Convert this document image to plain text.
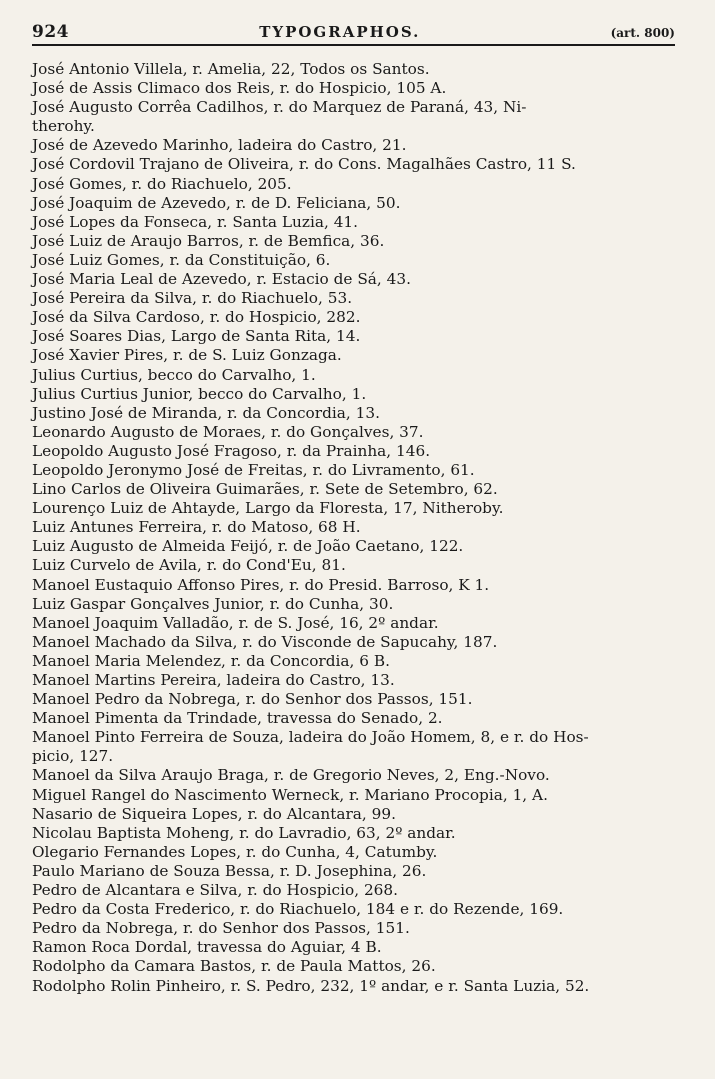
924	TYPOGRAPHOS.	(art. 800)
José Antonio Villela, r. Amelia, 22, Todos os Santos.
José de Assis Climaco dos Reis, r. do Hospicio, 105 A.
José Augusto Corrêa Cadilhos, r. do Marquez de Paraná, 43, Ni-
therohy.
José de Azevedo Marinho, ladeira do Castro, 21.
José Cordovil Trajano de Oliveira, r. do Cons. Magalhães Castro, 11 S.
José Gomes, r. do Riachuelo, 205.
José Joaquim de Azevedo, r. de D. Feliciana, 50.
José Lopes da Fonseca, r. Santa Luzia, 41.
José Luiz de Araujo Barros, r. de Bemfica, 36.
José Luiz Gomes, r. da Constituição, 6.
José Maria Leal de Azevedo, r. Estacio de Sá, 43.
José Pereira da Silva, r. do Riachuelo, 53.
José da Silva Cardoso, r. do Hospicio, 282.
José Soares Dias, Largo de Santa Rita, 14.
José Xavier Pires, r. de S. Luiz Gonzaga.
Julius Curtius, becco do Carvalho, 1.
Julius Curtius Junior, becco do Carvalho, 1.
Justino José de Miranda, r. da Concordia, 13.
Leonardo Augusto de Moraes, r. do Gonçalves, 37.
Leopoldo Augusto José Fragoso, r. da Prainha, 146.
Leopoldo Jeronymo José de Freitas, r. do Livramento, 61.
Lino Carlos de Oliveira Guimarães, r. Sete de Setembro, 62.
Lourenço Luiz de Ahtayde, Largo da Floresta, 17, Nitheroby.
Luiz Antunes Ferreira, r. do Matoso, 68 H.
Luiz Augusto de Almeida Feijó, r. de João Caetano, 122.
Luiz Curvelo de Avila, r. do Cond'Eu, 81.
Manoel Eustaquio Affonso Pires, r. do Presid. Barroso, K 1.
Luiz Gaspar Gonçalves Junior, r. do Cunha, 30.
Manoel Joaquim Valladão, r. de S. José, 16, 2º andar.
Manoel Machado da Silva, r. do Visconde de Sapucahy, 187.
Manoel Maria Melendez, r. da Concordia, 6 B.
Manoel Martins Pereira, ladeira do Castro, 13.
Manoel Pedro da Nobrega, r. do Senhor dos Passos, 151.
Manoel Pimenta da Trindade, travessa do Senado, 2.
Manoel Pinto Ferreira de Souza, ladeira do João Homem, 8, e r. do Hos-
picio, 127.
Manoel da Silva Araujo Braga, r. de Gregorio Neves, 2, Eng.-Novo.
Miguel Rangel do Nascimento Werneck, r. Mariano Procopia, 1, A.
Nasario de Siqueira Lopes, r. do Alcantara, 99.
Nicolau Baptista Moheng, r. do Lavradio, 63, 2º andar.
Olegario Fernandes Lopes, r. do Cunha, 4, Catumby.
Paulo Mariano de Souza Bessa, r. D. Josephina, 26.
Pedro de Alcantara e Silva, r. do Hospicio, 268.
Pedro da Costa Frederico, r. do Riachuelo, 184 e r. do Rezende, 169.
Pedro da Nobrega, r. do Senhor dos Passos, 151.
Ramon Roca Dordal, travessa do Aguiar, 4 B.
Rodolpho da Camara Bastos, r. de Paula Mattos, 26.
Rodolpho Rolin Pinheiro, r. S. Pedro, 232, 1º andar, e r. Santa Luzia, 52.
